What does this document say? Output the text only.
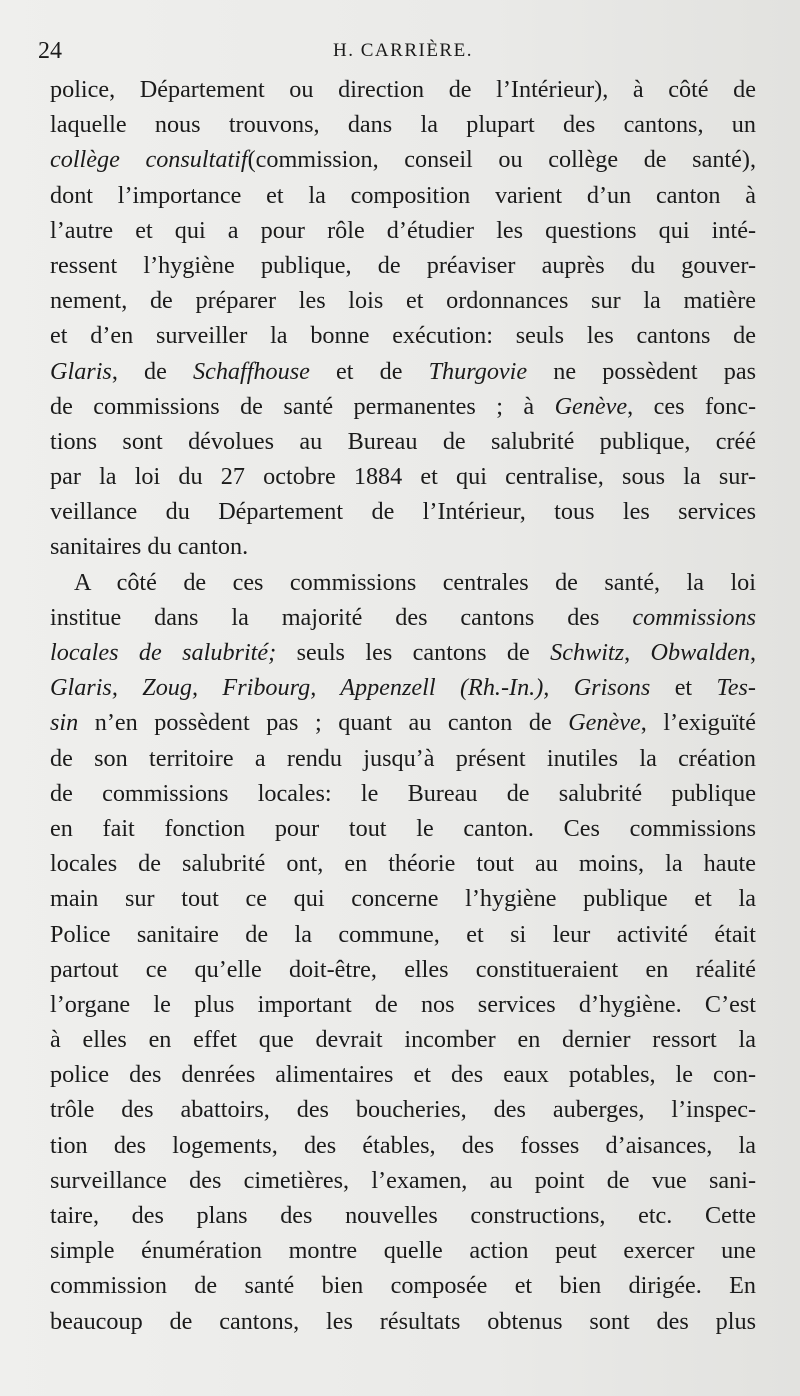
24	H. CARRIÈRE.
police, Département ou direction de l’Intérieur), à côté de
laquelle nous trouvons, dans la plupart des cantons, un
collège consultatif(commission, conseil ou collège de santé),
dont l’importance et la composition varient d’un canton à
l’autre et qui a pour rôle d’étudier les questions qui inté-
ressent l’hygiène publique, de préaviser auprès du gouver-
nement, de préparer les lois et ordonnances sur la matière
et d’en surveiller la bonne exécution: seuls les cantons de
Glaris, de Schaffhouse et de Thurgovie ne possèdent pas
de commissions de santé permanentes ; à Genève, ces fonc-
tions sont dévolues au Bureau de salubrité publique, créé
par la loi du 27 octobre 1884 et qui centralise, sous la sur-
veillance du Département de l’Intérieur, tous les services
sanitaires du canton.
A côté de ces commissions centrales de santé, la loi
institue dans la majorité des cantons des commissions
locales de salubrité; seuls les cantons de Schwitz, Obwalden,
Glaris, Zoug, Fribourg, Appenzell (Rh.-In.), Grisons et Tes-
sin n’en possèdent pas ; quant au canton de Genève, l’exiguïté
de son territoire a rendu jusqu’à présent inutiles la création
de commissions locales: le Bureau de salubrité publique
en fait fonction pour tout le canton. Ces commissions
locales de salubrité ont, en théorie tout au moins, la haute
main sur tout ce qui concerne l’hygiène publique et la
Police sanitaire de la commune, et si leur activité était
partout ce qu’elle doit-être, elles constitueraient en réalité
l’organe le plus important de nos services d’hygiène. C’est
à elles en effet que devrait incomber en dernier ressort la
police des denrées alimentaires et des eaux potables, le con-
trôle des abattoirs, des boucheries, des auberges, l’inspec-
tion des logements, des étables, des fosses d’aisances, la
surveillance des cimetières, l’examen, au point de vue sani-
taire, des plans des nouvelles constructions, etc. Cette
simple énumération montre quelle action peut exercer une
commission de santé bien composée et bien dirigée. En
beaucoup de cantons, les résultats obtenus sont des plus
